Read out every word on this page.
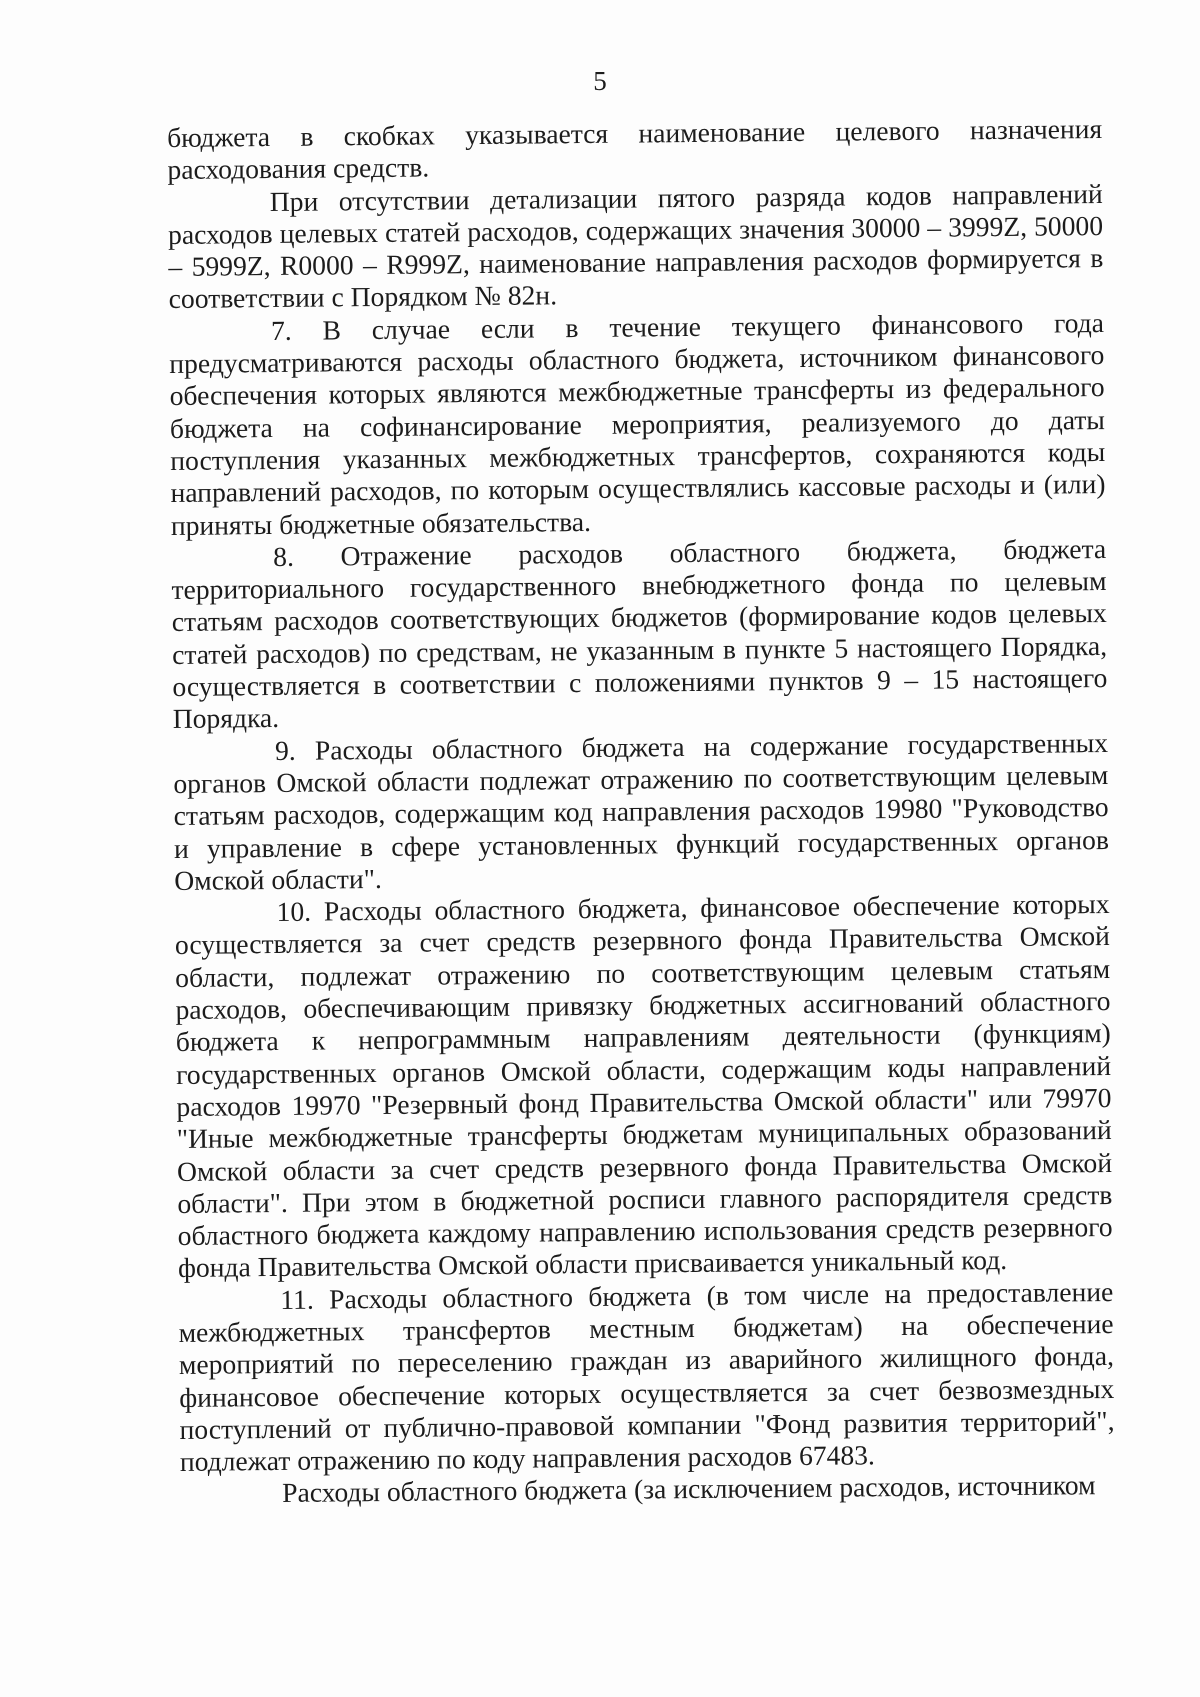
5

бюджета в скобках указывается наименование целевого назначения расходования средств.

При отсутствии детализации пятого разряда кодов направлений расходов целевых статей расходов, содержащих значения 30000 – 3999Z, 50000 – 5999Z, R0000 – R999Z, наименование направления расходов формируется в соответствии с Порядком № 82н.

7. В случае если в течение текущего финансового года предусматриваются расходы областного бюджета, источником финансового обеспечения которых являются межбюджетные трансферты из федерального бюджета на софинансирование мероприятия, реализуемого до даты поступления указанных межбюджетных трансфертов, сохраняются коды направлений расходов, по которым осуществлялись кассовые расходы и (или) приняты бюджетные обязательства.

8. Отражение расходов областного бюджета, бюджета территориального государственного внебюджетного фонда по целевым статьям расходов соответствующих бюджетов (формирование кодов целевых статей расходов) по средствам, не указанным в пункте 5 настоящего Порядка, осуществляется в соответствии с положениями пунктов 9 – 15 настоящего Порядка.

9. Расходы областного бюджета на содержание государственных органов Омской области подлежат отражению по соответствующим целевым статьям расходов, содержащим код направления расходов 19980 "Руководство и управление в сфере установленных функций государственных органов Омской области".

10. Расходы областного бюджета, финансовое обеспечение которых осуществляется за счет средств резервного фонда Правительства Омской области, подлежат отражению по соответствующим целевым статьям расходов, обеспечивающим привязку бюджетных ассигнований областного бюджета к непрограммным направлениям деятельности (функциям) государственных органов Омской области, содержащим коды направлений расходов 19970 "Резервный фонд Правительства Омской области" или 79970 "Иные межбюджетные трансферты бюджетам муниципальных образований Омской области за счет средств резервного фонда Правительства Омской области". При этом в бюджетной росписи главного распорядителя средств областного бюджета каждому направлению использования средств резервного фонда Правительства Омской области присваивается уникальный код.

11. Расходы областного бюджета (в том числе на предоставление межбюджетных трансфертов местным бюджетам) на обеспечение мероприятий по переселению граждан из аварийного жилищного фонда, финансовое обеспечение которых осуществляется за счет безвозмездных поступлений от публично-правовой компании "Фонд развития территорий", подлежат отражению по коду направления расходов 67483.

Расходы областного бюджета (за исключением расходов, источником
